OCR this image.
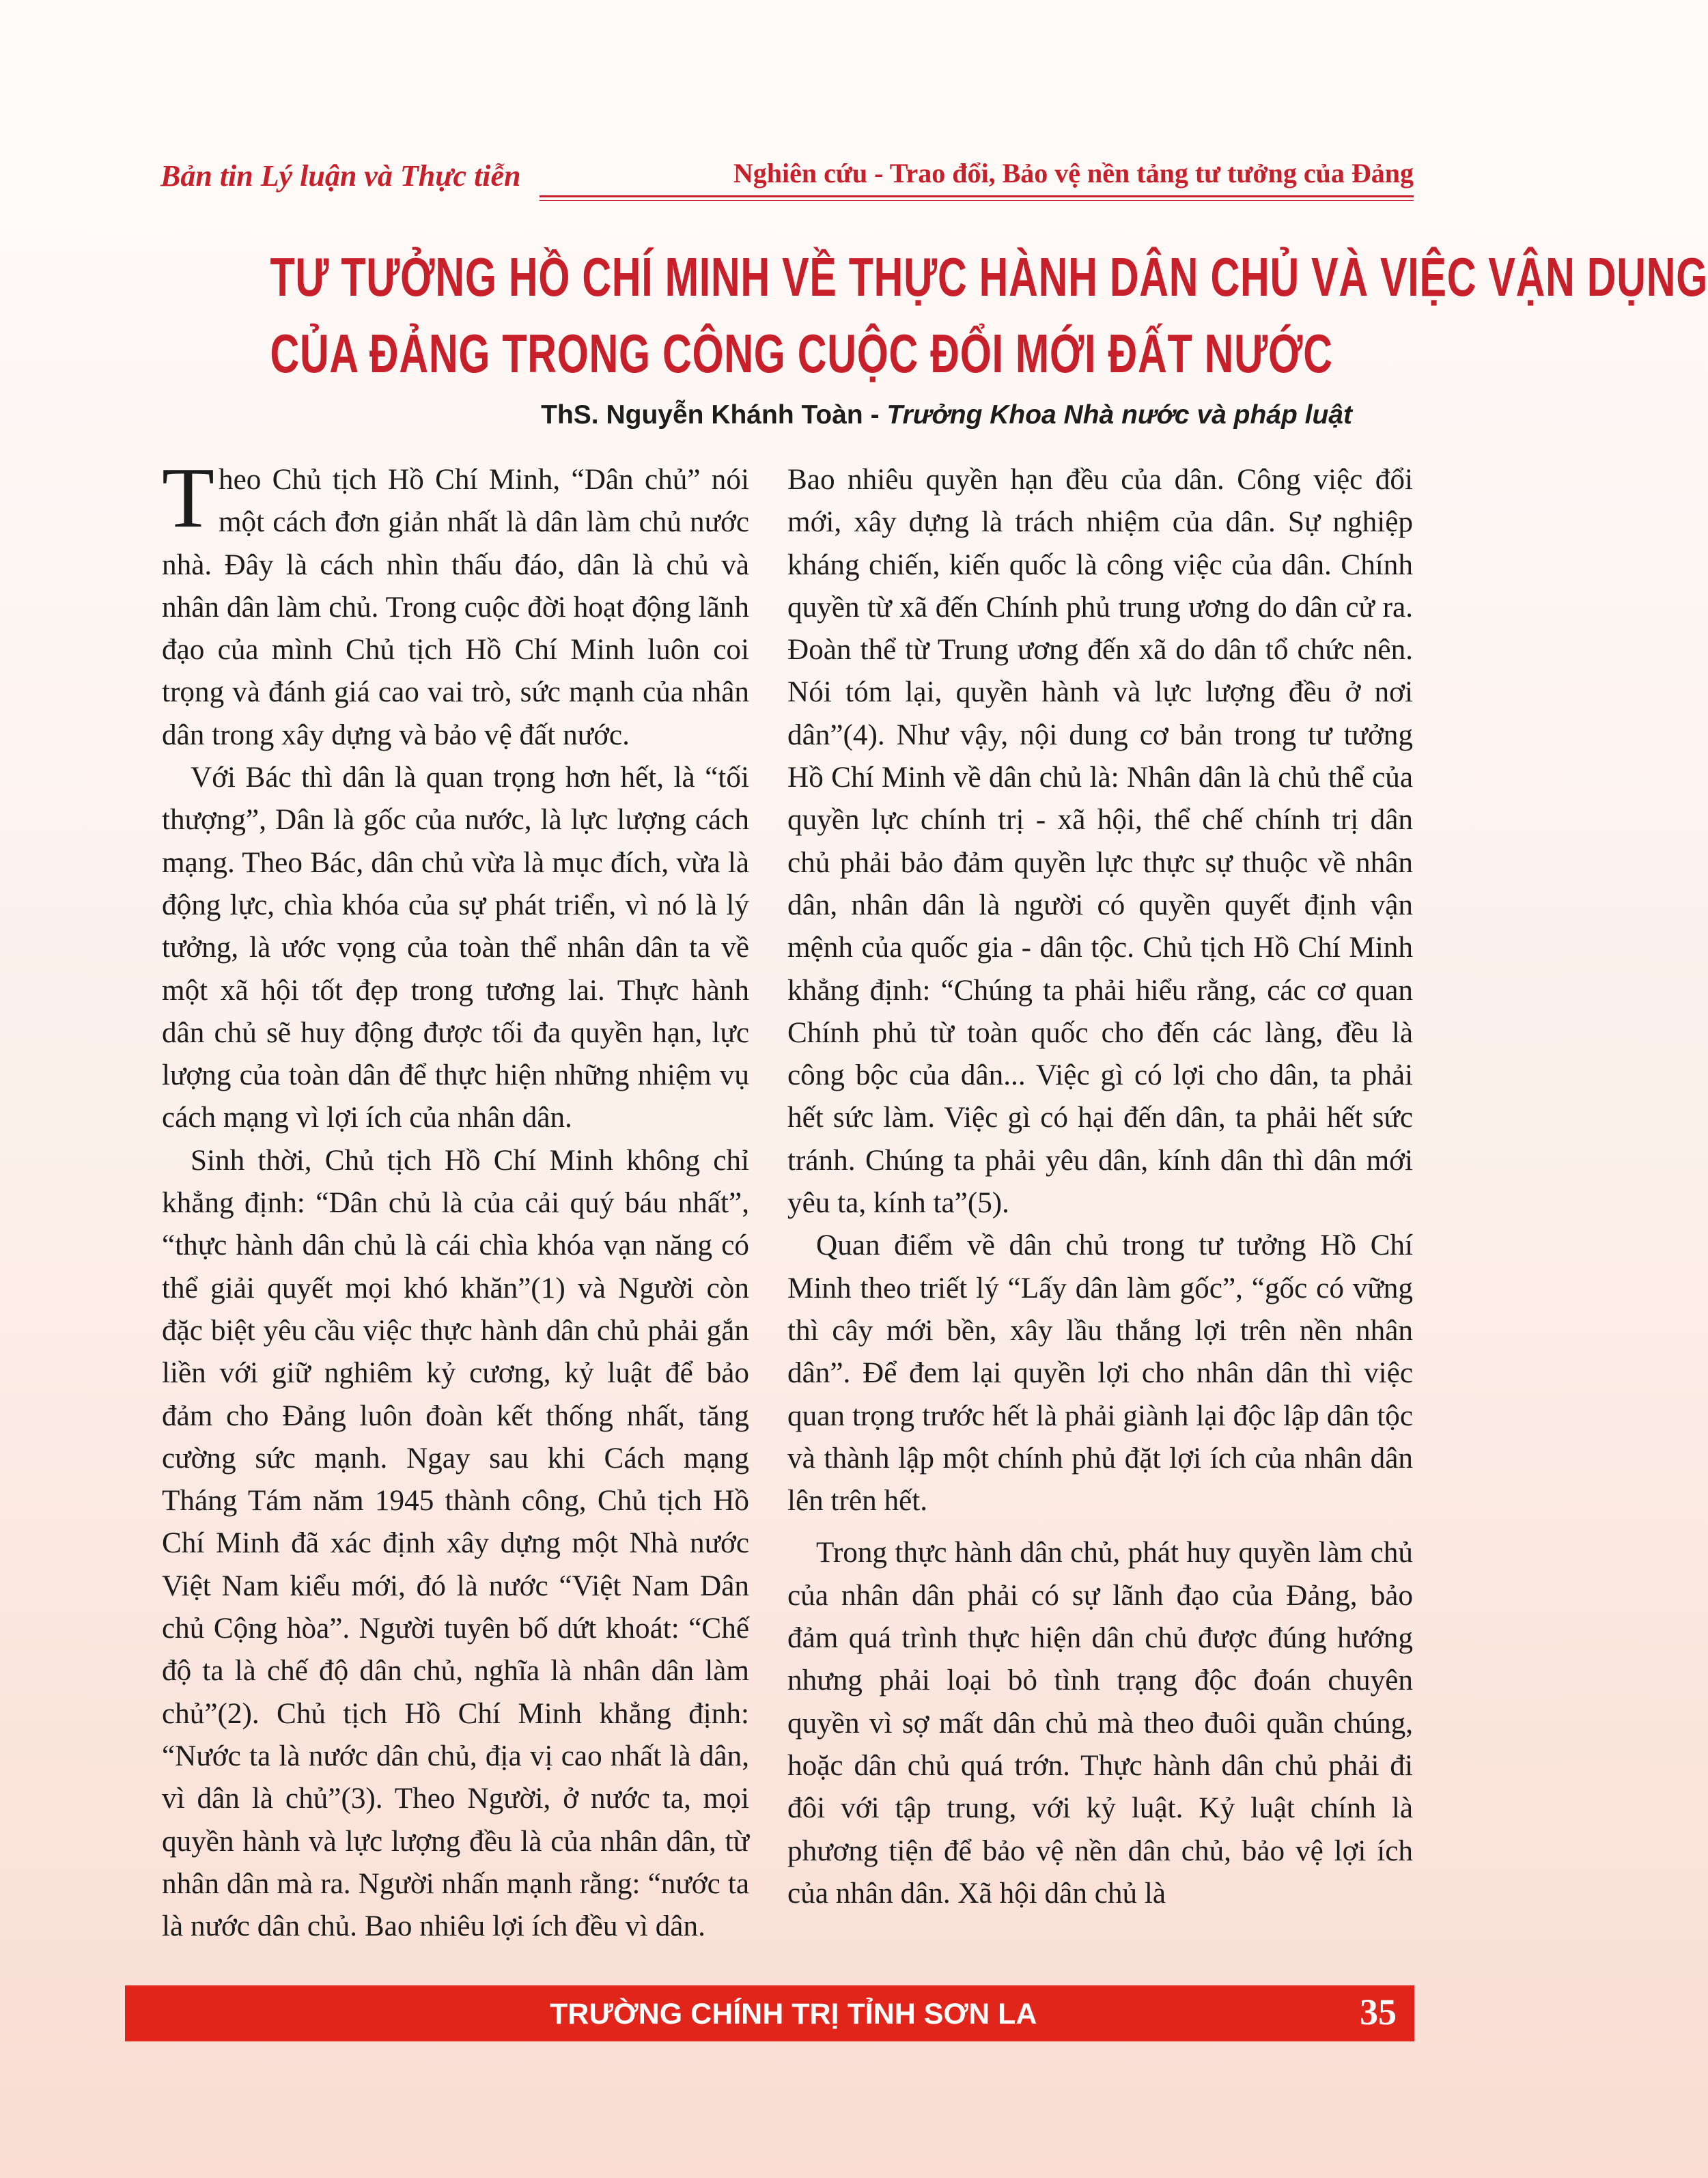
Bản tin Lý luận và Thực tiễn	Nghiên cứu - Trao đổi, Bảo vệ nền tảng tư tưởng của Đảng
TƯ TƯỞNG HỒ CHÍ MINH VỀ THỰC HÀNH DÂN CHỦ VÀ VIỆC VẬN DỤNG
CỦA ĐẢNG TRONG CÔNG CUỘC ĐỔI MỚI ĐẤT NƯỚC
ThS. Nguyễn Khánh Toàn - Trưởng Khoa Nhà nước và pháp luật

Theo Chủ tịch Hồ Chí Minh, “Dân chủ” nói một cách đơn giản nhất là dân làm chủ nước nhà. Đây là cách nhìn thấu đáo, dân là chủ và nhân dân làm chủ. Trong cuộc đời hoạt động lãnh đạo của mình Chủ tịch Hồ Chí Minh luôn coi trọng và đánh giá cao vai trò, sức mạnh của nhân dân trong xây dựng và bảo vệ đất nước.

Với Bác thì dân là quan trọng hơn hết, là “tối thượng”, Dân là gốc của nước, là lực lượng cách mạng. Theo Bác, dân chủ vừa là mục đích, vừa là động lực, chìa khóa của sự phát triển, vì nó là lý tưởng, là ước vọng của toàn thể nhân dân ta về một xã hội tốt đẹp trong tương lai. Thực hành dân chủ sẽ huy động được tối đa quyền hạn, lực lượng của toàn dân để thực hiện những nhiệm vụ cách mạng vì lợi ích của nhân dân.

Sinh thời, Chủ tịch Hồ Chí Minh không chỉ khẳng định: “Dân chủ là của cải quý báu nhất”, “thực hành dân chủ là cái chìa khóa vạn năng có thể giải quyết mọi khó khăn”(1) và Người còn đặc biệt yêu cầu việc thực hành dân chủ phải gắn liền với giữ nghiêm kỷ cương, kỷ luật để bảo đảm cho Đảng luôn đoàn kết thống nhất, tăng cường sức mạnh. Ngay sau khi Cách mạng Tháng Tám năm 1945 thành công, Chủ tịch Hồ Chí Minh đã xác định xây dựng một Nhà nước Việt Nam kiểu mới, đó là nước “Việt Nam Dân chủ Cộng hòa”. Người tuyên bố dứt khoát: “Chế độ ta là chế độ dân chủ, nghĩa là nhân dân làm chủ”(2). Chủ tịch Hồ Chí Minh khẳng định: “Nước ta là nước dân chủ, địa vị cao nhất là dân, vì dân là chủ”(3). Theo Người, ở nước ta, mọi quyền hành và lực lượng đều là của nhân dân, từ nhân dân mà ra. Người nhấn mạnh rằng: “nước ta là nước dân chủ. Bao nhiêu lợi ích đều vì dân.

Bao nhiêu quyền hạn đều của dân. Công việc đổi mới, xây dựng là trách nhiệm của dân. Sự nghiệp kháng chiến, kiến quốc là công việc của dân. Chính quyền từ xã đến Chính phủ trung ương do dân cử ra. Đoàn thể từ Trung ương đến xã do dân tổ chức nên. Nói tóm lại, quyền hành và lực lượng đều ở nơi dân”(4). Như vậy, nội dung cơ bản trong tư tưởng Hồ Chí Minh về dân chủ là: Nhân dân là chủ thể của quyền lực chính trị - xã hội, thể chế chính trị dân chủ phải bảo đảm quyền lực thực sự thuộc về nhân dân, nhân dân là người có quyền quyết định vận mệnh của quốc gia - dân tộc. Chủ tịch Hồ Chí Minh khẳng định: “Chúng ta phải hiểu rằng, các cơ quan Chính phủ từ toàn quốc cho đến các làng, đều là công bộc của dân... Việc gì có lợi cho dân, ta phải hết sức làm. Việc gì có hại đến dân, ta phải hết sức tránh. Chúng ta phải yêu dân, kính dân thì dân mới yêu ta, kính ta”(5).

Quan điểm về dân chủ trong tư tưởng Hồ Chí Minh theo triết lý “Lấy dân làm gốc”, “gốc có vững thì cây mới bền, xây lầu thắng lợi trên nền nhân dân”. Để đem lại quyền lợi cho nhân dân thì việc quan trọng trước hết là phải giành lại độc lập dân tộc và thành lập một chính phủ đặt lợi ích của nhân dân lên trên hết.

Trong thực hành dân chủ, phát huy quyền làm chủ của nhân dân phải có sự lãnh đạo của Đảng, bảo đảm quá trình thực hiện dân chủ được đúng hướng nhưng phải loại bỏ tình trạng độc đoán chuyên quyền vì sợ mất dân chủ mà theo đuôi quần chúng, hoặc dân chủ quá trớn. Thực hành dân chủ phải đi đôi với tập trung, với kỷ luật. Kỷ luật chính là phương tiện để bảo vệ nền dân chủ, bảo vệ lợi ích của nhân dân. Xã hội dân chủ là

TRƯỜNG CHÍNH TRỊ TỈNH SƠN LA	35
